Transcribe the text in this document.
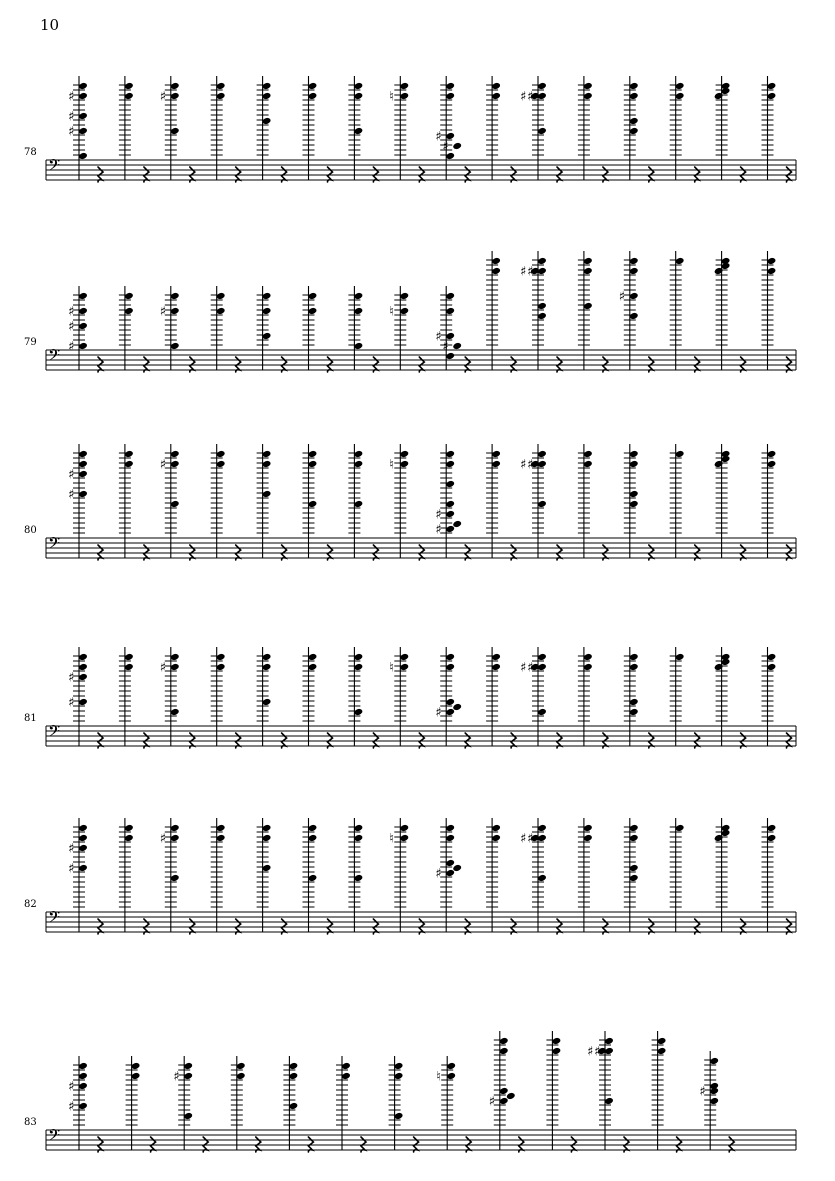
10
𝄢
♯
♯
♯	♯	♮
♯
♯
♯ ♯
𝄢 ♯
♯
♯	♯	♮
♯
♯
♯ ♯
♯
𝄢
♯
♯
♯	♮
♯
♯
♯ ♯
𝄢
♯
♯
♯	♮
♯
♯ ♯
𝄢
♯
♯
♯	♮
♯
♯ ♯
𝄢
♯
♯
♯	♮
♯
♯ ♯
♯
78
79
80
81
82
83
